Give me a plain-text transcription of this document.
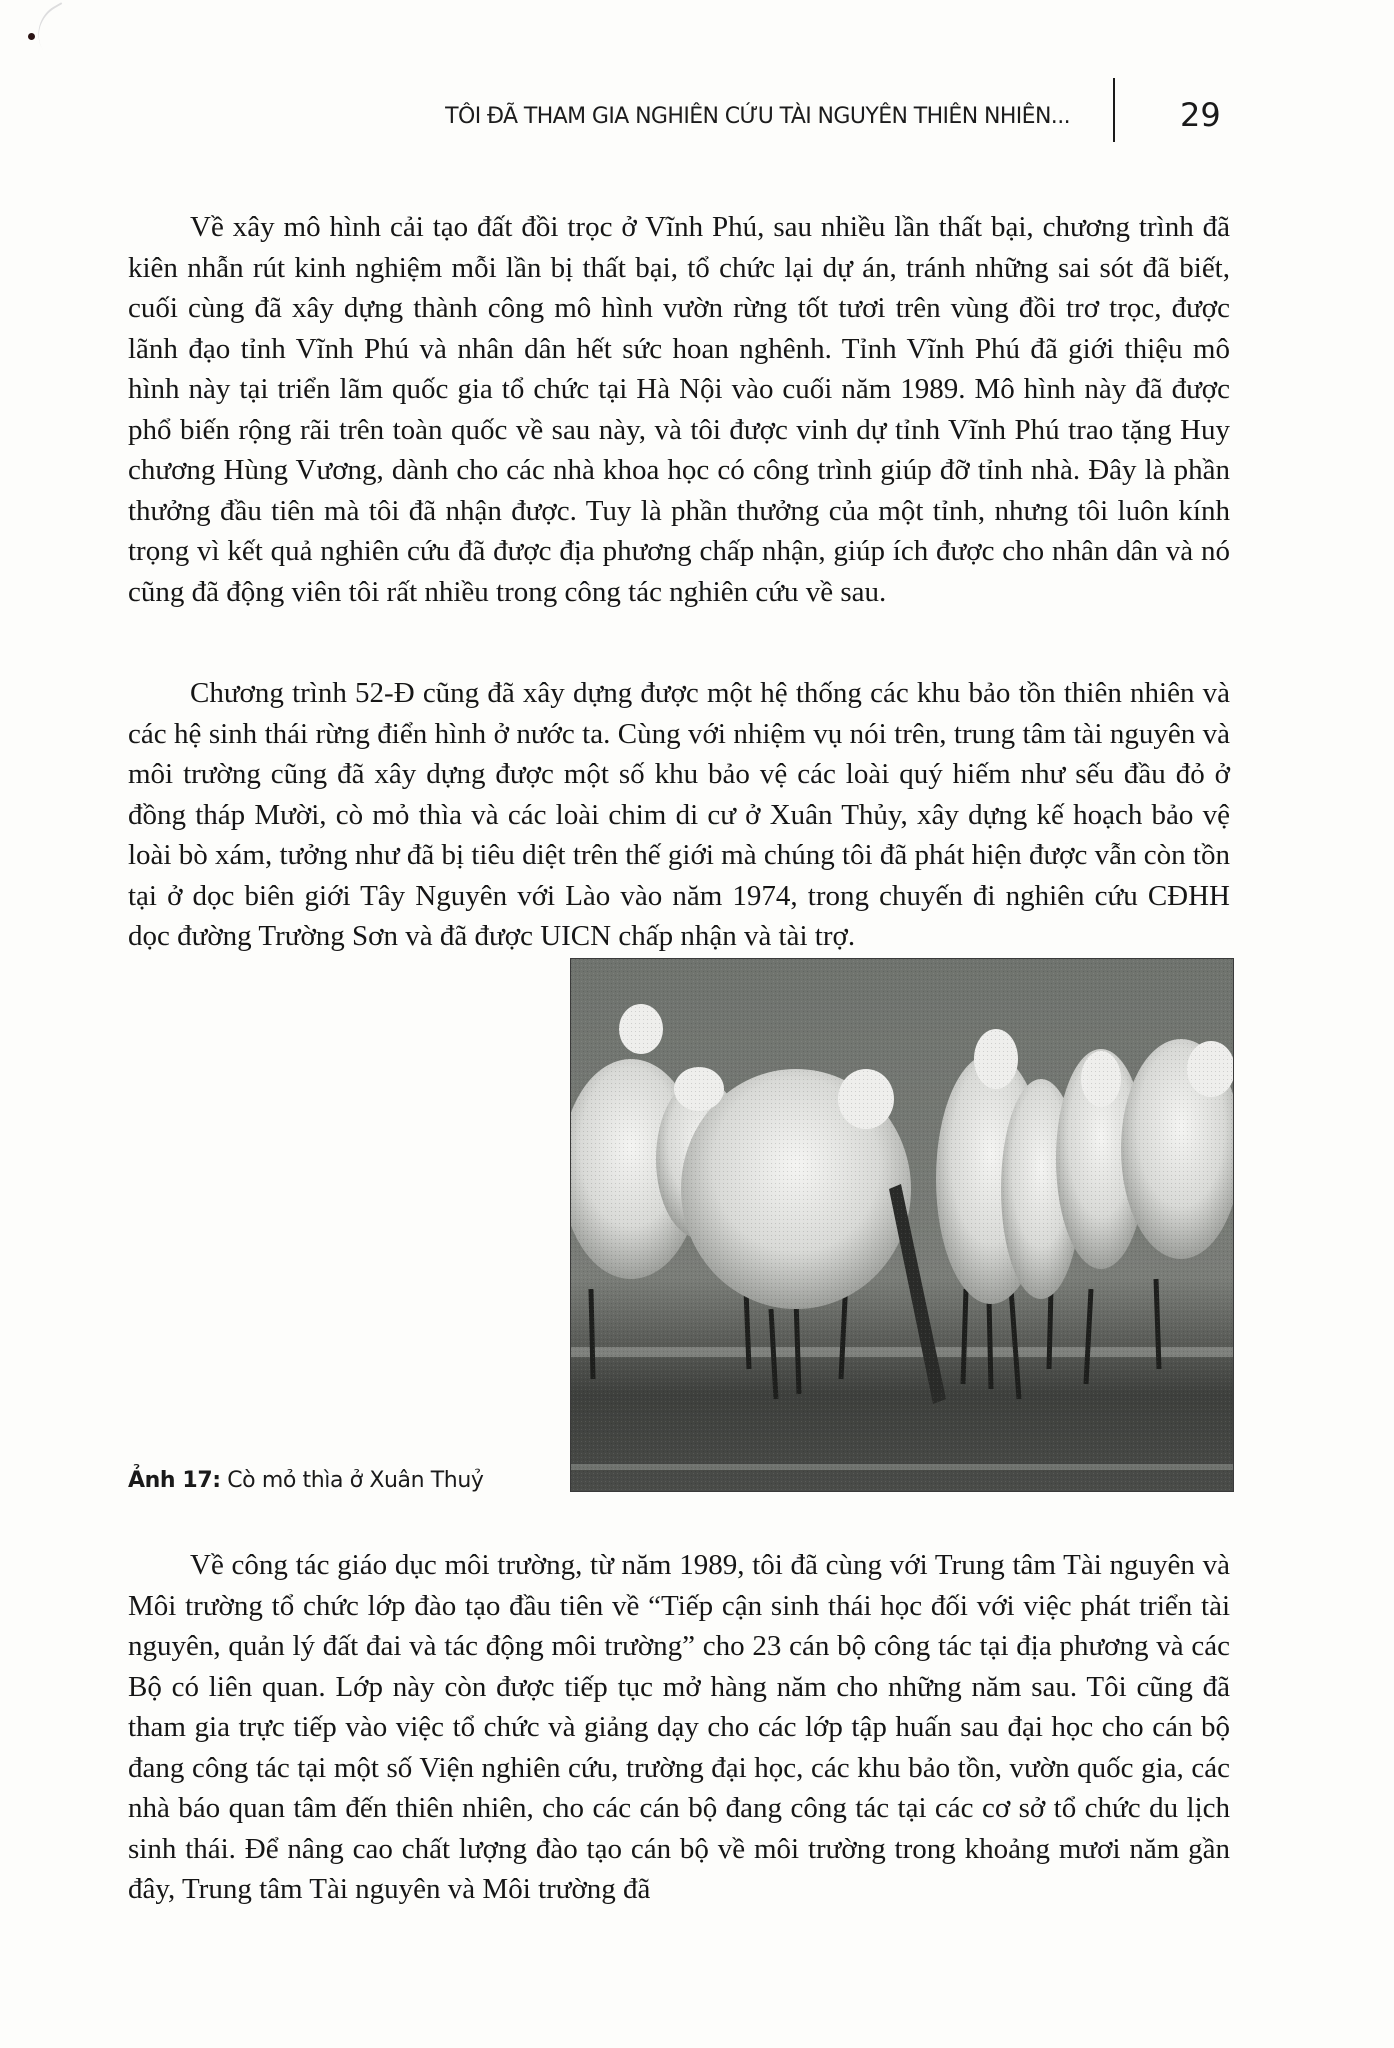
TÔI ĐÃ THAM GIA NGHIÊN CỨU TÀI NGUYÊN THIÊN NHIÊN...	29

Về xây mô hình cải tạo đất đồi trọc ở Vĩnh Phú, sau nhiều lần thất bại, chương trình đã kiên nhẫn rút kinh nghiệm mỗi lần bị thất bại, tổ chức lại dự án, tránh những sai sót đã biết, cuối cùng đã xây dựng thành công mô hình vườn rừng tốt tươi trên vùng đồi trơ trọc, được lãnh đạo tỉnh Vĩnh Phú và nhân dân hết sức hoan nghênh. Tỉnh Vĩnh Phú đã giới thiệu mô hình này tại triển lãm quốc gia tổ chức tại Hà Nội vào cuối năm 1989. Mô hình này đã được phổ biến rộng rãi trên toàn quốc về sau này, và tôi được vinh dự tỉnh Vĩnh Phú trao tặng Huy chương Hùng Vương, dành cho các nhà khoa học có công trình giúp đỡ tỉnh nhà. Đây là phần thưởng đầu tiên mà tôi đã nhận được. Tuy là phần thưởng của một tỉnh, nhưng tôi luôn kính trọng vì kết quả nghiên cứu đã được địa phương chấp nhận, giúp ích được cho nhân dân và nó cũng đã động viên tôi rất nhiều trong công tác nghiên cứu về sau.

Chương trình 52-Đ cũng đã xây dựng được một hệ thống các khu bảo tồn thiên nhiên và các hệ sinh thái rừng điển hình ở nước ta. Cùng với nhiệm vụ nói trên, trung tâm tài nguyên và môi trường cũng đã xây dựng được một số khu bảo vệ các loài quý hiếm như sếu đầu đỏ ở đồng tháp Mười, cò mỏ thìa và các loài chim di cư ở Xuân Thủy, xây dựng kế hoạch bảo vệ loài bò xám, tưởng như đã bị tiêu diệt trên thế giới mà chúng tôi đã phát hiện được vẫn còn tồn tại ở dọc biên giới Tây Nguyên với Lào vào năm 1974, trong chuyến đi nghiên cứu CĐHH dọc đường Trường Sơn và đã được UICN chấp nhận và tài trợ.

Ảnh 17: Cò mỏ thìa ở Xuân Thuỷ

Về công tác giáo dục môi trường, từ năm 1989, tôi đã cùng với Trung tâm Tài nguyên và Môi trường tổ chức lớp đào tạo đầu tiên về “Tiếp cận sinh thái học đối với việc phát triển tài nguyên, quản lý đất đai và tác động môi trường” cho 23 cán bộ công tác tại địa phương và các Bộ có liên quan. Lớp này còn được tiếp tục mở hàng năm cho những năm sau. Tôi cũng đã tham gia trực tiếp vào việc tổ chức và giảng dạy cho các lớp tập huấn sau đại học cho cán bộ đang công tác tại một số Viện nghiên cứu, trường đại học, các khu bảo tồn, vườn quốc gia, các nhà báo quan tâm đến thiên nhiên, cho các cán bộ đang công tác tại các cơ sở tổ chức du lịch sinh thái. Để nâng cao chất lượng đào tạo cán bộ về môi trường trong khoảng mươi năm gần đây, Trung tâm Tài nguyên và Môi trường đã
